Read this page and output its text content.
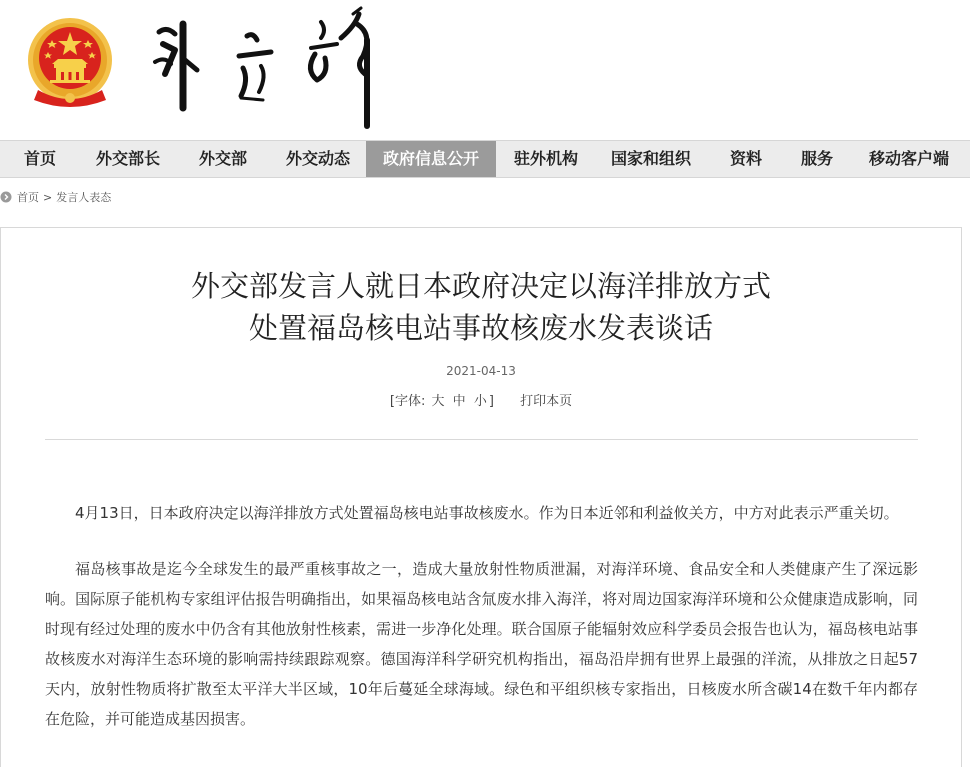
首页	外交部长	外交部	外交动态	政府信息公开	驻外机构	国家和组织	资料	服务	移动客户端
首页 > 发言人表态
外交部发言人就日本政府决定以海洋排放方式
处置福岛核电站事故核废水发表谈话
2021-04-13
[字体: 大 中 小 ] 打印本页

4月13日，日本政府决定以海洋排放方式处置福岛核电站事故核废水。作为日本近邻和利益攸关方，中方对此表示严重关切。

福岛核事故是迄今全球发生的最严重核事故之一，造成大量放射性物质泄漏，对海洋环境、食品安全和人类健康产生了深远影响。国际原子能机构专家组评估报告明确指出，如果福岛核电站含氚废水排入海洋，将对周边国家海洋环境和公众健康造成影响，同时现有经过处理的废水中仍含有其他放射性核素，需进一步净化处理。联合国原子能辐射效应科学委员会报告也认为，福岛核电站事故核废水对海洋生态环境的影响需持续跟踪观察。德国海洋科学研究机构指出，福岛沿岸拥有世界上最强的洋流，从排放之日起57天内，放射性物质将扩散至太平洋大半区域，10年后蔓延全球海域。绿色和平组织核专家指出，日核废水所含碳14在数千年内都存在危险，并可能造成基因损害。
